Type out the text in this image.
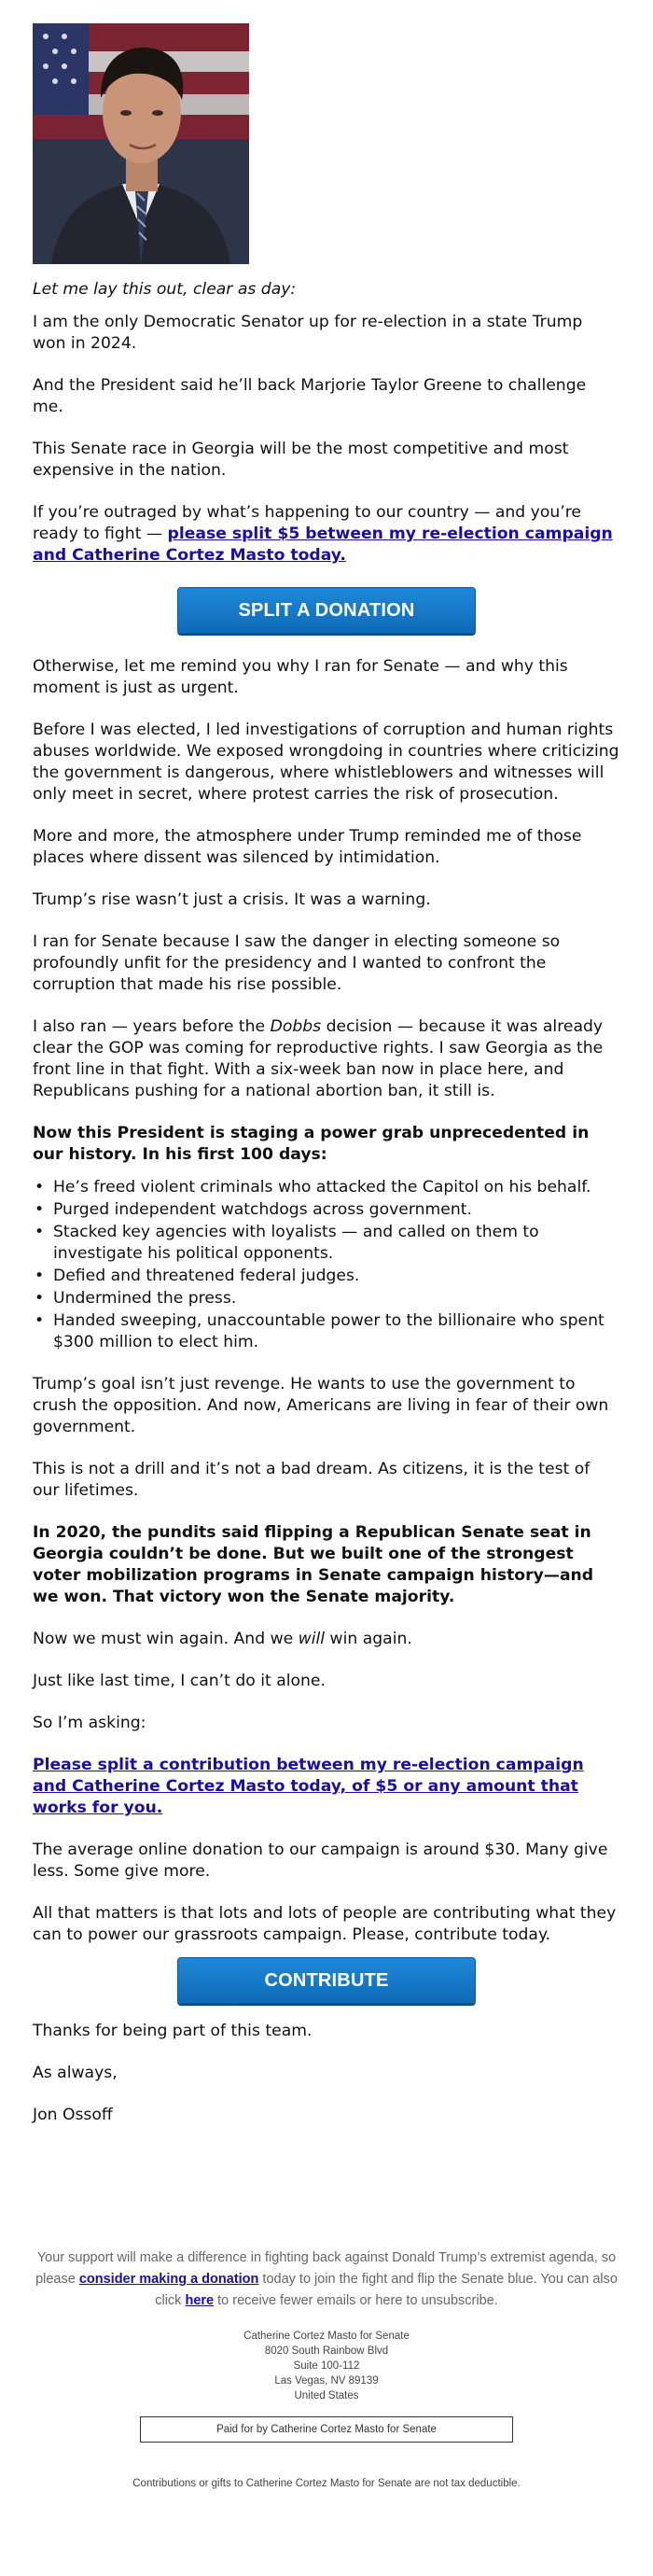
Let me lay this out, clear as day:

I am the only Democratic Senator up for re-election in a state Trump won in 2024.

And the President said he’ll back Marjorie Taylor Greene to challenge me.

This Senate race in Georgia will be the most competitive and most expensive in the nation.

If you’re outraged by what’s happening to our country — and you’re ready to fight — please split $5 between my re-election campaign and Catherine Cortez Masto today.

SPLIT A DONATION

Otherwise, let me remind you why I ran for Senate — and why this moment is just as urgent.

Before I was elected, I led investigations of corruption and human rights abuses worldwide. We exposed wrongdoing in countries where criticizing the government is dangerous, where whistleblowers and witnesses will only meet in secret, where protest carries the risk of prosecution.

More and more, the atmosphere under Trump reminded me of those places where dissent was silenced by intimidation.

Trump’s rise wasn’t just a crisis. It was a warning.

I ran for Senate because I saw the danger in electing someone so profoundly unfit for the presidency and I wanted to confront the corruption that made his rise possible.

I also ran — years before the Dobbs decision — because it was already clear the GOP was coming for reproductive rights. I saw Georgia as the front line in that fight. With a six-week ban now in place here, and Republicans pushing for a national abortion ban, it still is.

Now this President is staging a power grab unprecedented in our history. In his first 100 days:

• He’s freed violent criminals who attacked the Capitol on his behalf.
• Purged independent watchdogs across government.
• Stacked key agencies with loyalists — and called on them to investigate his political opponents.
• Defied and threatened federal judges.
• Undermined the press.
• Handed sweeping, unaccountable power to the billionaire who spent $300 million to elect him.

Trump’s goal isn’t just revenge. He wants to use the government to crush the opposition. And now, Americans are living in fear of their own government.

This is not a drill and it’s not a bad dream. As citizens, it is the test of our lifetimes.

In 2020, the pundits said flipping a Republican Senate seat in Georgia couldn’t be done. But we built one of the strongest voter mobilization programs in Senate campaign history—and we won. That victory won the Senate majority.

Now we must win again. And we will win again.

Just like last time, I can’t do it alone.

So I’m asking:

Please split a contribution between my re-election campaign and Catherine Cortez Masto today, of $5 or any amount that works for you.

The average online donation to our campaign is around $30. Many give less. Some give more.

All that matters is that lots and lots of people are contributing what they can to power our grassroots campaign. Please, contribute today.

CONTRIBUTE

Thanks for being part of this team.

As always,

Jon Ossoff

Your support will make a difference in fighting back against Donald Trump’s extremist agenda, so please consider making a donation today to join the fight and flip the Senate blue. You can also click here to receive fewer emails or here to unsubscribe.
Catherine Cortez Masto for Senate
8020 South Rainbow Blvd
Suite 100-112
Las Vegas, NV 89139
United States
Paid for by Catherine Cortez Masto for Senate
Contributions or gifts to Catherine Cortez Masto for Senate are not tax deductible.
